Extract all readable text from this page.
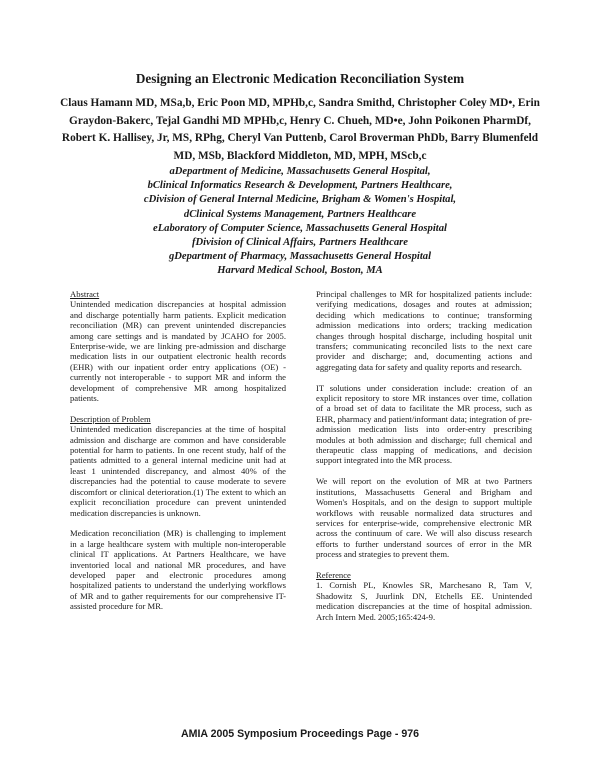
Designing an Electronic Medication Reconciliation System
Claus Hamann MD, MSa,b, Eric Poon MD, MPHb,c, Sandra Smithd, Christopher Coley MD•, Erin Graydon-Bakerc, Tejal Gandhi MD MPHb,c, Henry C. Chueh, MD•e, John Poikonen PharmDf, Robert K. Hallisey, Jr, MS, RPhg, Cheryl Van Puttenb, Carol Broverman PhDb, Barry Blumenfeld MD, MSb, Blackford Middleton, MD, MPH, MScb,c
aDepartment of Medicine, Massachusetts General Hospital,
bClinical Informatics Research & Development, Partners Healthcare,
cDivision of General Internal Medicine, Brigham & Women's Hospital,
dClinical Systems Management, Partners Healthcare
eLaboratory of Computer Science, Massachusetts General Hospital
fDivision of Clinical Affairs, Partners Healthcare
gDepartment of Pharmacy, Massachusetts General Hospital
Harvard Medical School, Boston, MA
Abstract

Unintended medication discrepancies at hospital admission and discharge potentially harm patients. Explicit medication reconciliation (MR) can prevent unintended discrepancies among care settings and is mandated by JCAHO for 2005. Enterprise-wide, we are linking pre-admission and discharge medication lists in our outpatient electronic health records (EHR) with our inpatient order entry applications (OE) - currently not interoperable - to support MR and inform the development of comprehensive MR among hospitalized patients.

Description of Problem

Unintended medication discrepancies at the time of hospital admission and discharge are common and have considerable potential for harm to patients. In one recent study, half of the patients admitted to a general internal medicine unit had at least 1 unintended discrepancy, and almost 40% of the discrepancies had the potential to cause moderate to severe discomfort or clinical deterioration.(1) The extent to which an explicit reconciliation procedure can prevent unintended medication discrepancies is unknown.

Medication reconciliation (MR) is challenging to implement in a large healthcare system with multiple non-interoperable clinical IT applications. At Partners Healthcare, we have inventoried local and national MR procedures, and have developed paper and electronic procedures among hospitalized patients to understand the underlying workflows of MR and to gather requirements for our comprehensive IT-assisted procedure for MR.

Principal challenges to MR for hospitalized patients include: verifying medications, dosages and routes at admission; deciding which medications to continue; transforming admission medications into orders; tracking medication changes through hospital discharge, including hospital unit transfers; communicating reconciled lists to the next care provider and discharge; and, documenting actions and aggregating data for safety and quality reports and research.

IT solutions under consideration include: creation of an explicit repository to store MR instances over time, collation of a broad set of data to facilitate the MR process, such as EHR, pharmacy and patient/informant data; integration of pre-admission medication lists into order-entry prescribing modules at both admission and discharge; full chemical and therapeutic class mapping of medications, and decision support integrated into the MR process.

We will report on the evolution of MR at two Partners institutions, Massachusetts General and Brigham and Women's Hospitals, and on the design to support multiple workflows with reusable normalized data structures and services for enterprise-wide, comprehensive electronic MR across the continuum of care. We will also discuss research efforts to further understand sources of error in the MR process and strategies to prevent them.

Reference

1. Cornish PL, Knowles SR, Marchesano R, Tam V, Shadowitz S, Juurlink DN, Etchells EE. Unintended medication discrepancies at the time of hospital admission. Arch Intern Med. 2005;165:424-9.

AMIA 2005 Symposium Proceedings Page - 976
